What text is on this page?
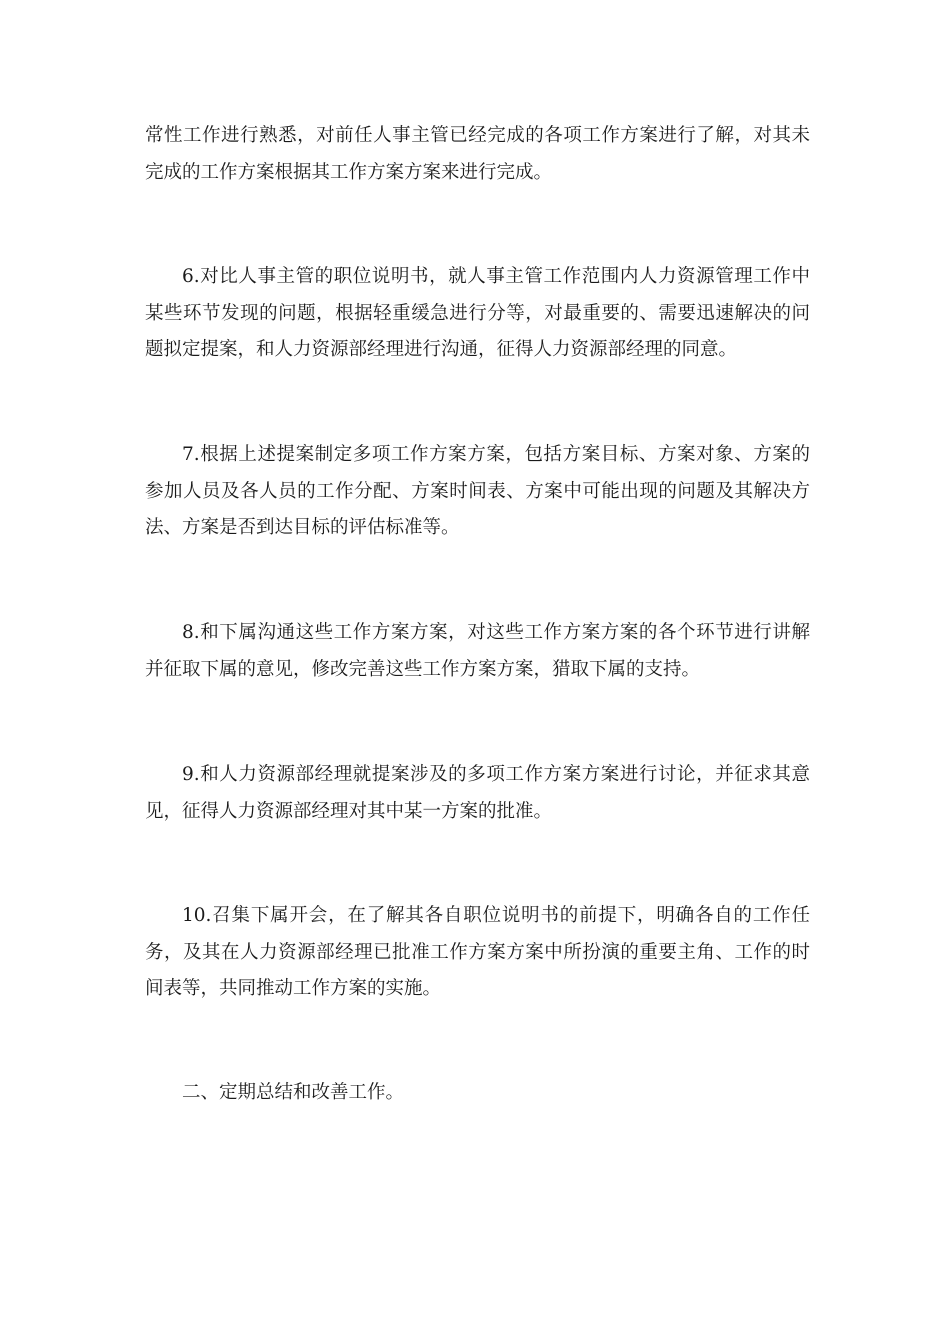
常性工作进行熟悉，对前任人事主管已经完成的各项工作方案进行了解，对其未完成的工作方案根据其工作方案方案来进行完成。

6.对比人事主管的职位说明书，就人事主管工作范围内人力资源管理工作中某些环节发现的问题，根据轻重缓急进行分等，对最重要的、需要迅速解决的问题拟定提案，和人力资源部经理进行沟通，征得人力资源部经理的同意。

7.根据上述提案制定多项工作方案方案，包括方案目标、方案对象、方案的参加人员及各人员的工作分配、方案时间表、方案中可能出现的问题及其解决方法、方案是否到达目标的评估标准等。

8.和下属沟通这些工作方案方案，对这些工作方案方案的各个环节进行讲解并征取下属的意见，修改完善这些工作方案方案，猎取下属的支持。

9.和人力资源部经理就提案涉及的多项工作方案方案进行讨论，并征求其意见，征得人力资源部经理对其中某一方案的批准。

10.召集下属开会，在了解其各自职位说明书的前提下，明确各自的工作任务，及其在人力资源部经理已批准工作方案方案中所扮演的重要主角、工作的时间表等，共同推动工作方案的实施。

二、定期总结和改善工作。
